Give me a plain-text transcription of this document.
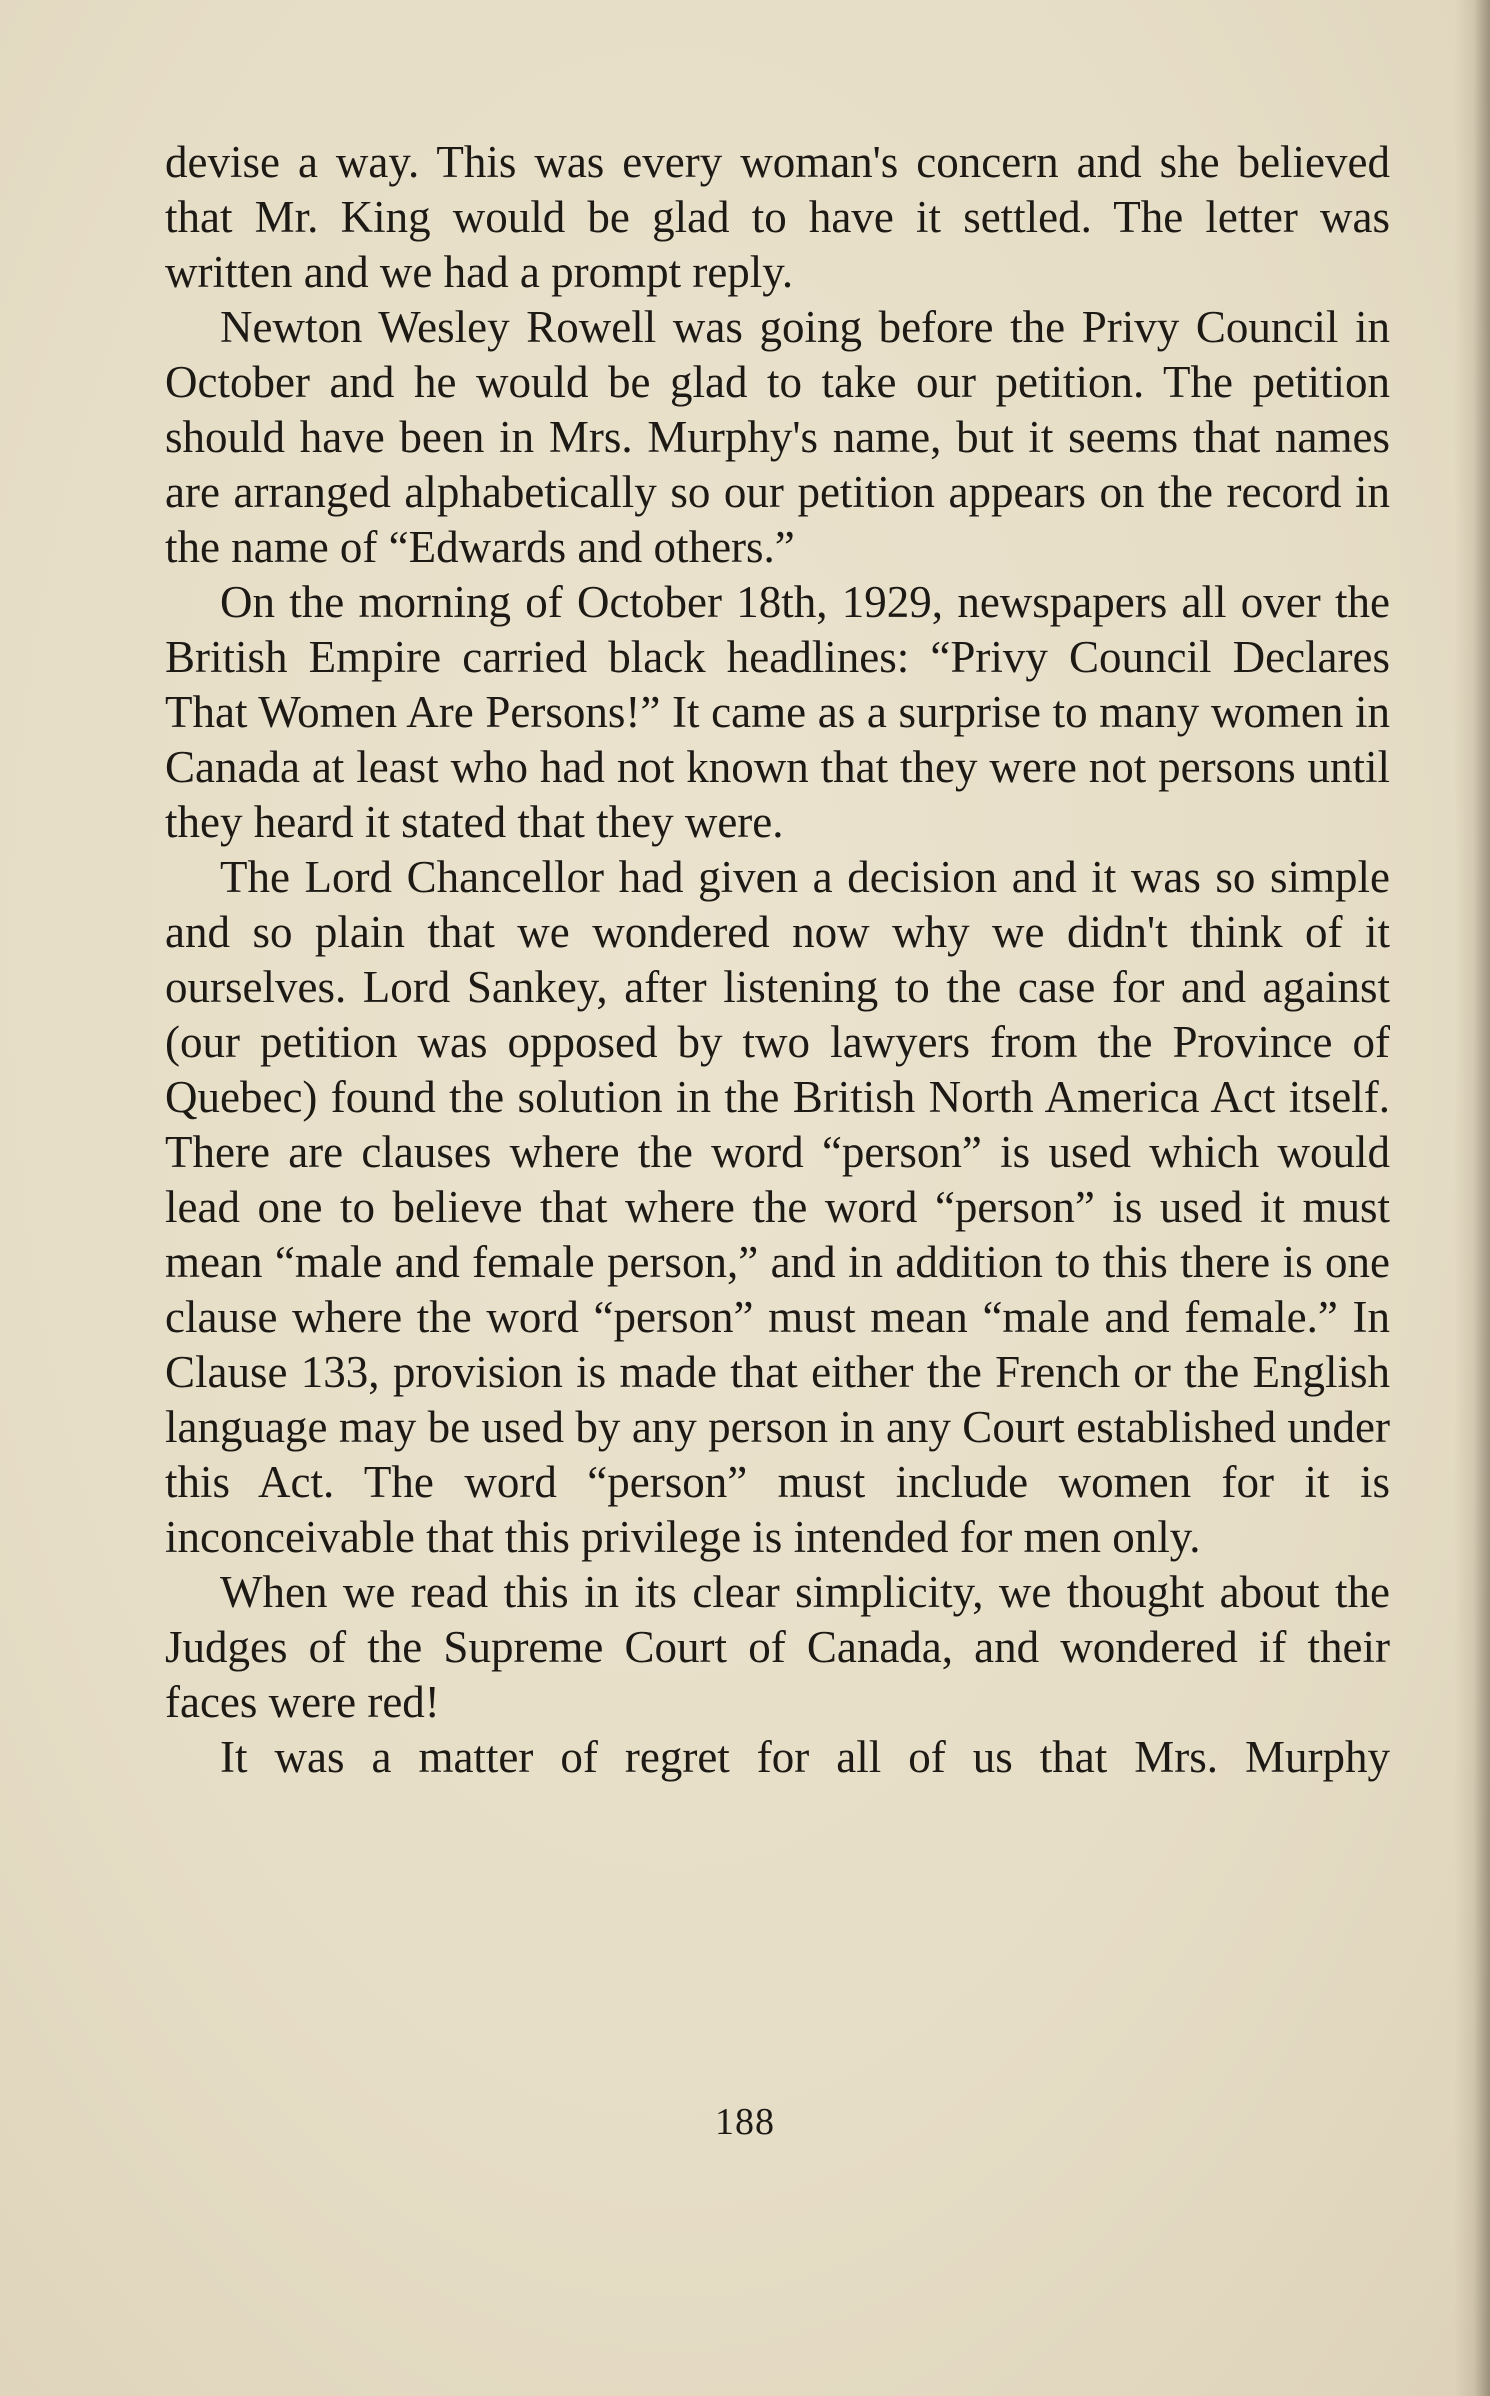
devise a way. This was every woman's concern and she believed that Mr. King would be glad to have it settled. The letter was written and we had a prompt reply.

Newton Wesley Rowell was going before the Privy Council in October and he would be glad to take our petition. The petition should have been in Mrs. Murphy's name, but it seems that names are arranged alphabetically so our petition appears on the record in the name of “Edwards and others.”

On the morning of October 18th, 1929, newspapers all over the British Empire carried black headlines: “Privy Council Declares That Women Are Persons!” It came as a surprise to many women in Canada at least who had not known that they were not persons until they heard it stated that they were.

The Lord Chancellor had given a decision and it was so simple and so plain that we wondered now why we didn't think of it ourselves. Lord Sankey, after listening to the case for and against (our petition was opposed by two lawyers from the Province of Quebec) found the solution in the British North America Act itself. There are clauses where the word “person” is used which would lead one to believe that where the word “person” is used it must mean “male and female person,” and in addition to this there is one clause where the word “person” must mean “male and female.” In Clause 133, provision is made that either the French or the English language may be used by any person in any Court established under this Act. The word “person” must include women for it is inconceivable that this privilege is intended for men only.

When we read this in its clear simplicity, we thought about the Judges of the Supreme Court of Canada, and wondered if their faces were red!

It was a matter of regret for all of us that Mrs. Murphy

188
